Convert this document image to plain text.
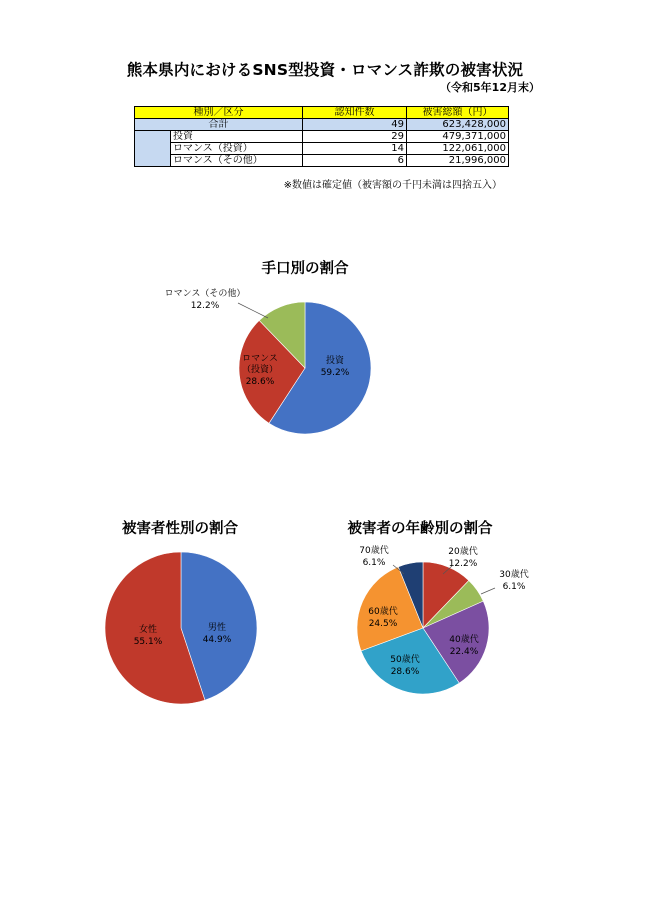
熊本県内におけるSNS型投資・ロマンス詐欺の被害状況
（令和5年12月末）
種別／区分		認知件数	被害総額（円）
合計		49	623,428,000
	投資	29	479,371,000
	ロマンス（投資）	14	122,061,000
	ロマンス（その他）	6	21,996,000
※数値は確定値（被害額の千円未満は四捨五入）
手口別の割合
被害者性別の割合	被害者の年齢別の割合
投資
59.2%
ロマンス
（投資）
28.6%
ロマンス（その他）
12.2%
男性
44.9%
女性
55.1%
20歳代
12.2%
30歳代
6.1%
40歳代
22.4%
50歳代
28.6%
60歳代
24.5%
70歳代
6.1%
